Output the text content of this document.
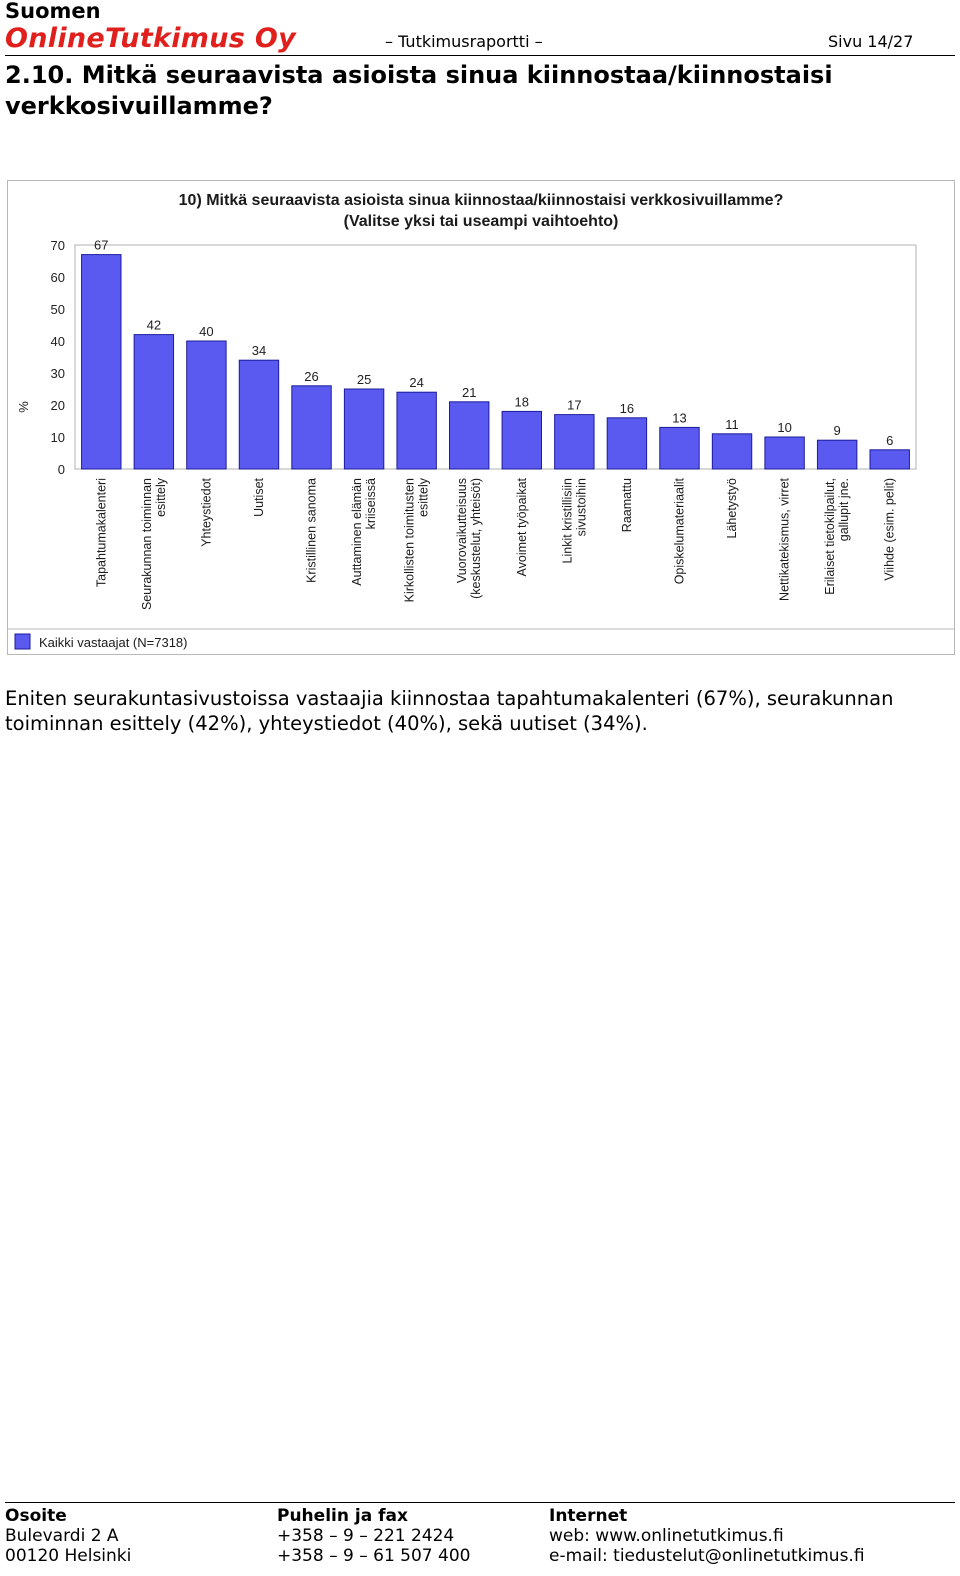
Suomen
OnlineTutkimus Oy	– Tutkimusraportti –	Sivu 14/27
2.10. Mitkä seuraavista asioista sinua kiinnostaa/kiinnostaisi verkkosivuillamme?
10) Mitkä seuraavista asioista sinua kiinnostaa/kiinnostaisi verkkosivuillamme?
(Valitse yksi tai useampi vaihtoehto)
0
10
20
30
40
50
60
70
%
67
Tapahtumakalenteri
42
Seurakunnan toiminnanesittely
40
Yhteystiedot
34
Uutiset
26
Kristillinen sanoma
25
Auttaminen elämänkriiseissä
24
Kirkollisten toimitustenesittely
21
Vuorovaikutteisuus(keskustelut, yhteisöt)
18
Avoimet työpaikat
17
Linkit kristillisiinsivustoihin
16
Raamattu
13
Opiskelumateriaalit
11
Lähetystyö
10
Nettikatekismus, virret
9
Erilaiset tietokilpailut,gallupit jne.
6
Viihde (esim. pelit)
Kaikki vastaajat (N=7318)

Eniten seurakuntasivustoissa vastaajia kiinnostaa tapahtumakalenteri (67%), seurakunnan toiminnan esittely (42%), yhteystiedot (40%), sekä uutiset (34%).

Osoite
Bulevardi 2 A
00120 Helsinki
Puhelin ja fax
+358 – 9 – 221 2424
+358 – 9 – 61 507 400
Internet
web: www.onlinetutkimus.fi
e-mail: tiedustelut@onlinetutkimus.fi
